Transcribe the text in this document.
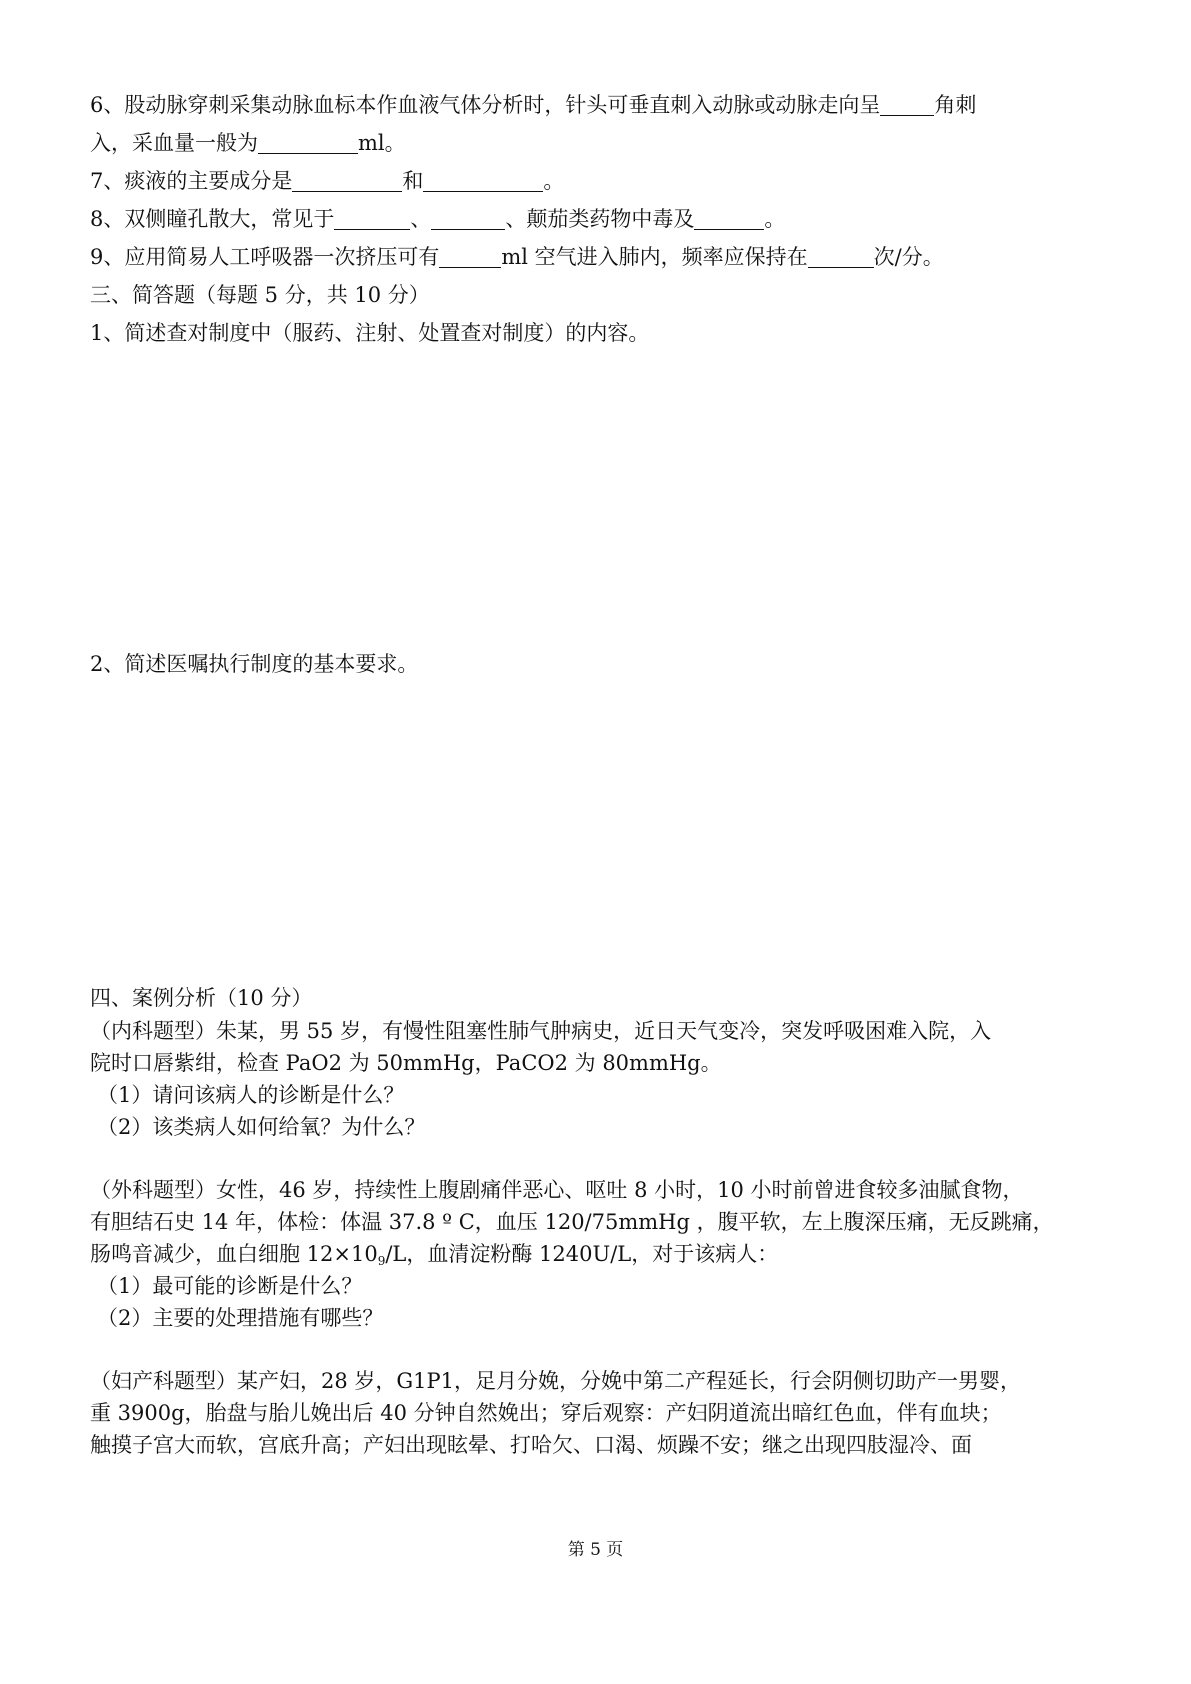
6、股动脉穿刺采集动脉血标本作血液气体分析时，针头可垂直刺入动脉或动脉走向呈	角刺
入，采血量一般为	ml。
7、痰液的主要成分是	和	。
8、双侧瞳孔散大，常见于	、	、颠茄类药物中毒及	。
9、应用简易人工呼吸器一次挤压可有	ml 空气进入肺内，频率应保持在	次/分。
三、简答题（每题 5 分，共 10 分）
1、简述查对制度中（服药、注射、处置查对制度）的内容。
2、简述医嘱执行制度的基本要求。
四、案例分析（10 分）
（内科题型）朱某，男 55 岁，有慢性阻塞性肺气肿病史，近日天气变冷，突发呼吸困难入院，入
院时口唇紫绀，检查 PaO2 为 50mmHg，PaCO2 为 80mmHg。
（1）请问该病人的诊断是什么？
（2）该类病人如何给氧？为什么？
（外科题型）女性，46 岁，持续性上腹剧痛伴恶心、呕吐 8 小时，10 小时前曾进食较多油腻食物，
有胆结石史 14 年，体检：体温 37.8 º C，血压 120/75mmHg ，腹平软，左上腹深压痛，无反跳痛，
肠鸣音减少，血白细胞 $12\times 10_9/L$，血清淀粉酶 1240U/L，对于该病人：
（1）最可能的诊断是什么？
（2）主要的处理措施有哪些？
（妇产科题型）某产妇，28 岁，G1P1，足月分娩，分娩中第二产程延长，行会阴侧切助产一男婴，
重 3900g，胎盘与胎儿娩出后 40 分钟自然娩出；穿后观察：产妇阴道流出暗红色血，伴有血块；
触摸子宫大而软，宫底升高；产妇出现眩晕、打哈欠、口渴、烦躁不安；继之出现四肢湿冷、面
第 5 页
